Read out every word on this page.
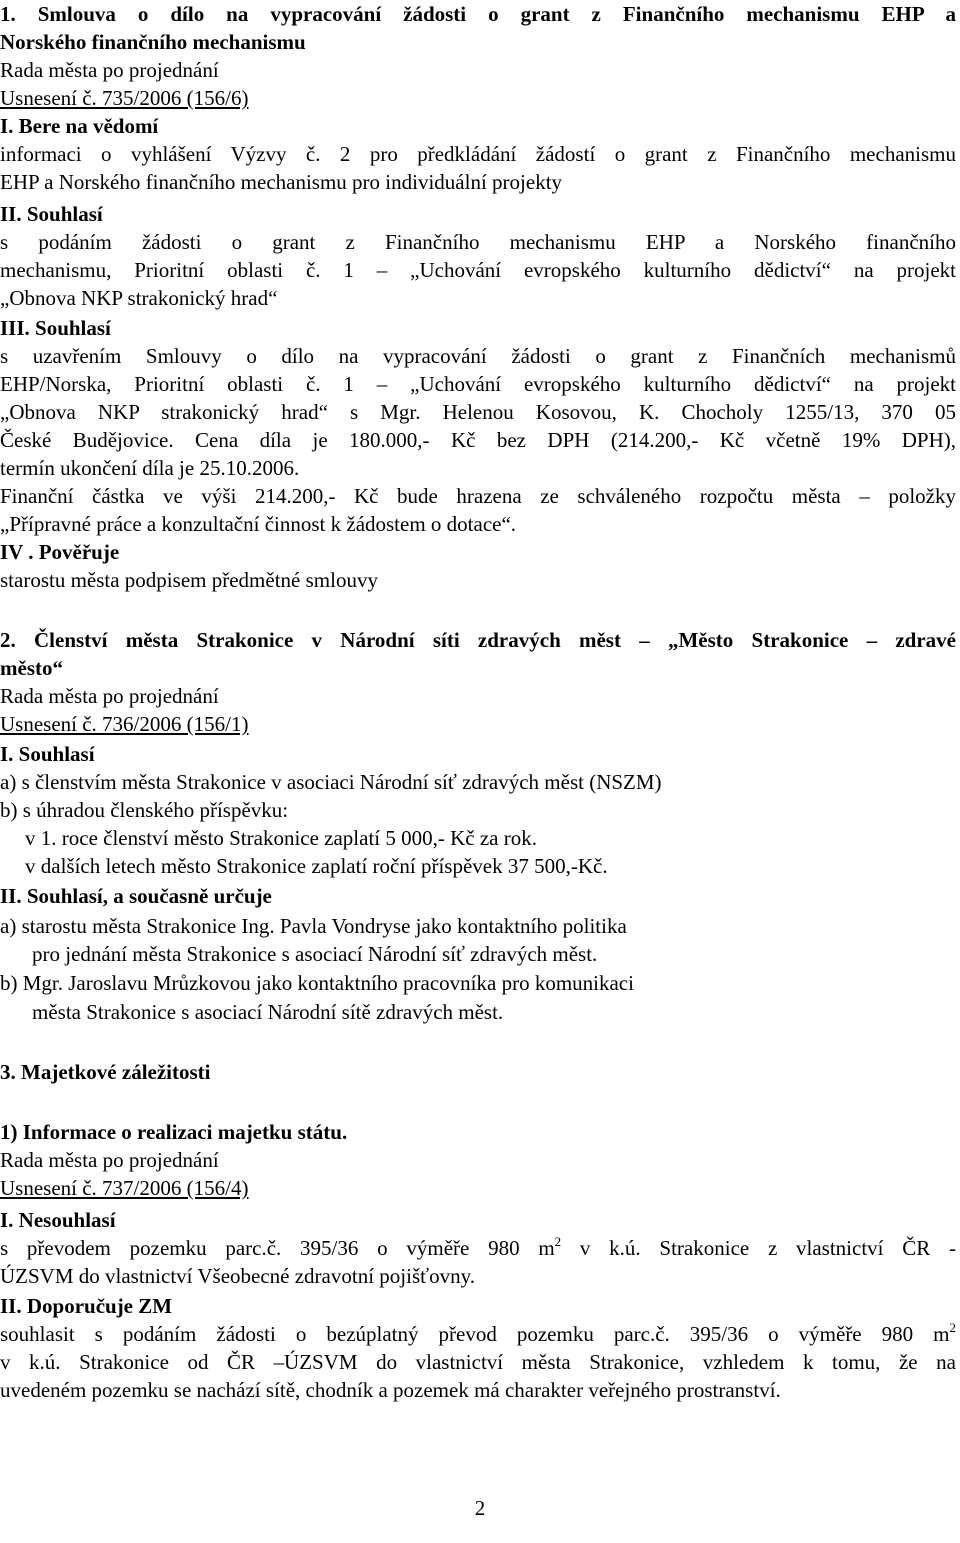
1. Smlouva o dílo na vypracování žádosti o grant z Finančního mechanismu EHP a
Norského finančního mechanismu
Rada města po projednání
Usnesení č. 735/2006 (156/6)
I. Bere na vědomí
informaci o vyhlášení Výzvy č. 2 pro předkládání žádostí o grant z Finančního mechanismu
EHP a Norského finančního mechanismu pro individuální projekty
II. Souhlasí
s podáním žádosti o grant z Finančního mechanismu EHP a Norského finančního
mechanismu, Prioritní oblasti č. 1 – „Uchování evropského kulturního dědictví“ na projekt
„Obnova NKP strakonický hrad“
III. Souhlasí
s uzavřením Smlouvy o dílo na vypracování žádosti o grant z Finančních mechanismů
EHP/Norska, Prioritní oblasti č. 1 – „Uchování evropského kulturního dědictví“ na projekt
„Obnova NKP strakonický hrad“ s Mgr. Helenou Kosovou, K. Chocholy 1255/13, 370 05
České Budějovice. Cena díla je 180.000,- Kč bez DPH (214.200,- Kč včetně 19% DPH),
termín ukončení díla je 25.10.2006.
Finanční částka ve výši 214.200,- Kč bude hrazena ze schváleného rozpočtu města – položky
„Přípravné práce a konzultační činnost k žádostem o dotace“.
IV . Pověřuje
starostu města podpisem předmětné smlouvy
2. Členství města Strakonice v Národní síti zdravých měst – „Město Strakonice – zdravé
město“
Rada města po projednání
Usnesení č. 736/2006 (156/1)
I. Souhlasí
a) s členstvím města Strakonice v asociaci Národní síť zdravých měst (NSZM)
b) s úhradou členského příspěvku:
v 1. roce členství město Strakonice zaplatí 5 000,- Kč za rok.
v dalších letech město Strakonice zaplatí roční příspěvek 37 500,-Kč.
II. Souhlasí, a současně určuje
a) starostu města Strakonice Ing. Pavla Vondryse jako kontaktního politika
pro jednání města Strakonice s asociací Národní síť zdravých měst.
b) Mgr. Jaroslavu Mrůzkovou jako kontaktního pracovníka pro komunikaci
města Strakonice s asociací Národní sítě zdravých měst.
3. Majetkové záležitosti
1) Informace o realizaci majetku státu.
Rada města po projednání
Usnesení č. 737/2006 (156/4)
I. Nesouhlasí
s převodem pozemku parc.č. 395/36 o výměře 980 $m^2$ v k.ú. Strakonice z vlastnictví ČR -
ÚZSVM do vlastnictví Všeobecné zdravotní pojišťovny.
II. Doporučuje ZM
souhlasit s podáním žádosti o bezúplatný převod pozemku parc.č. 395/36 o výměře 980 $m^2$
v k.ú. Strakonice od ČR –ÚZSVM do vlastnictví města Strakonice, vzhledem k tomu, že na
uvedeném pozemku se nachází sítě, chodník a pozemek má charakter veřejného prostranství.
2
